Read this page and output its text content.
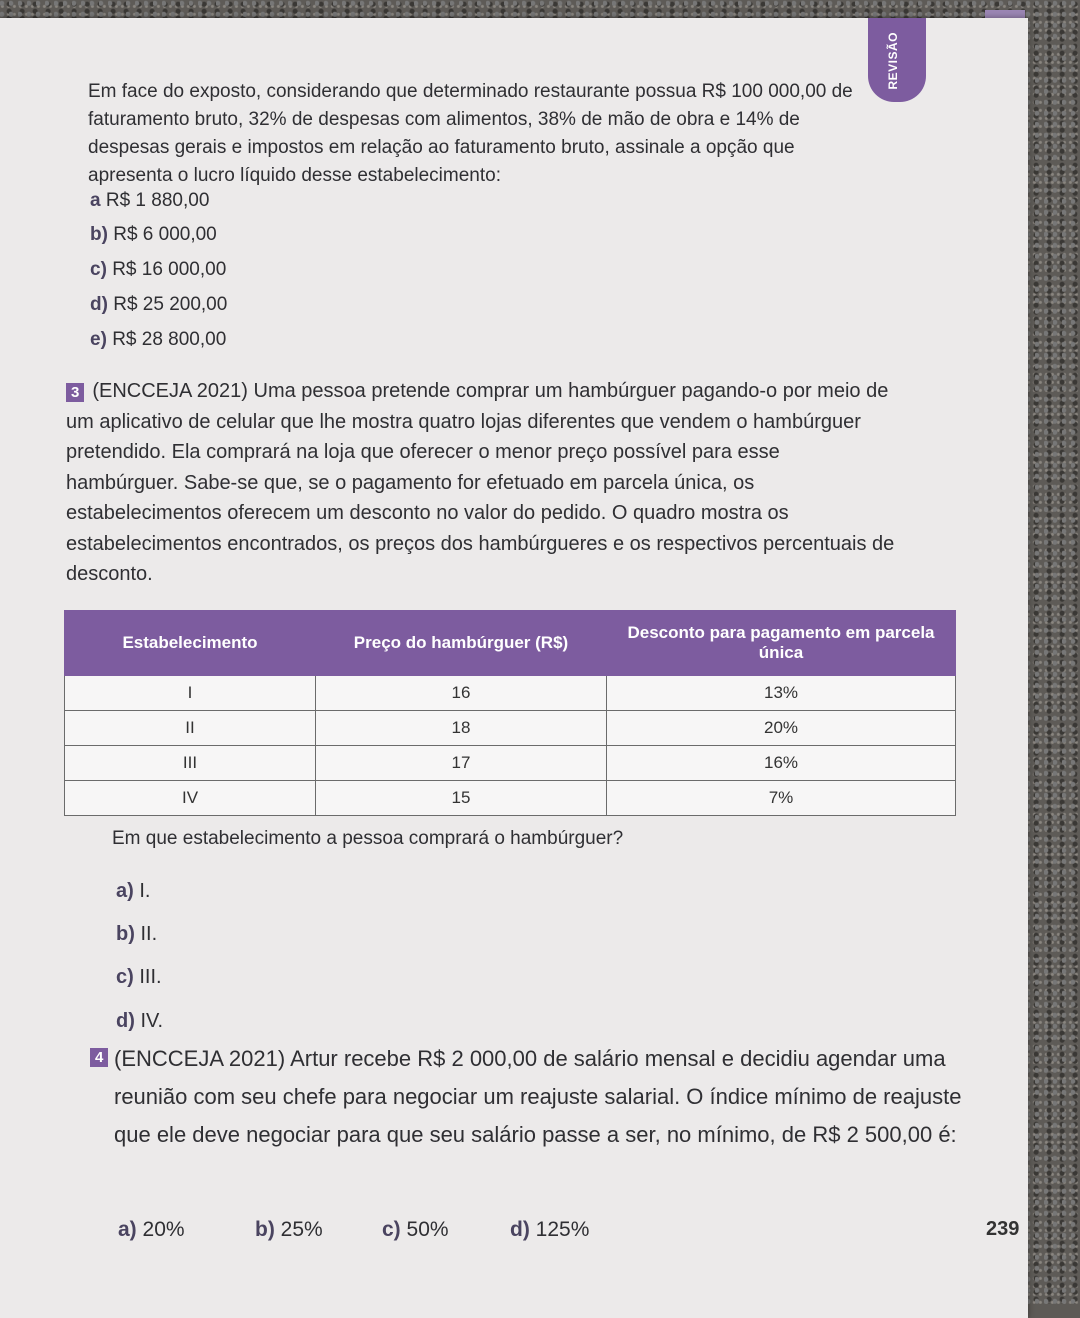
REVISÃO
Em face do exposto, considerando que determinado restaurante possua R$ 100 000,00 de faturamento bruto, 32% de despesas com alimentos, 38% de mão de obra e 14% de despesas gerais e impostos em relação ao faturamento bruto, assinale a opção que apresenta o lucro líquido desse estabelecimento:
a R$ 1 880,00
b) R$ 6 000,00
c) R$ 16 000,00
d) R$ 25 200,00
e) R$ 28 800,00
3 (ENCCEJA 2021) Uma pessoa pretende comprar um hambúrguer pagando-o por meio de um aplicativo de celular que lhe mostra quatro lojas diferentes que vendem o hambúrguer pretendido. Ela comprará na loja que oferecer o menor preço possível para esse hambúrguer. Sabe-se que, se o pagamento for efetuado em parcela única, os estabelecimentos oferecem um desconto no valor do pedido. O quadro mostra os estabelecimentos encontrados, os preços dos hambúrgueres e os respectivos percentuais de desconto.
Estabelecimento	Preço do hambúrguer (R$)	Desconto para pagamento em parcela única
I	16	13%
II	18	20%
III	17	16%
IV	15	7%
Em que estabelecimento a pessoa comprará o hambúrguer?
a) I.
b) II.
c) III.
d) IV.
4 (ENCCEJA 2021) Artur recebe R$ 2 000,00 de salário mensal e decidiu agendar uma reunião com seu chefe para negociar um reajuste salarial. O índice mínimo de reajuste que ele deve negociar para que seu salário passe a ser, no mínimo, de R$ 2 500,00 é:
a) 20%	b) 25%	c) 50%	d) 125%	239
